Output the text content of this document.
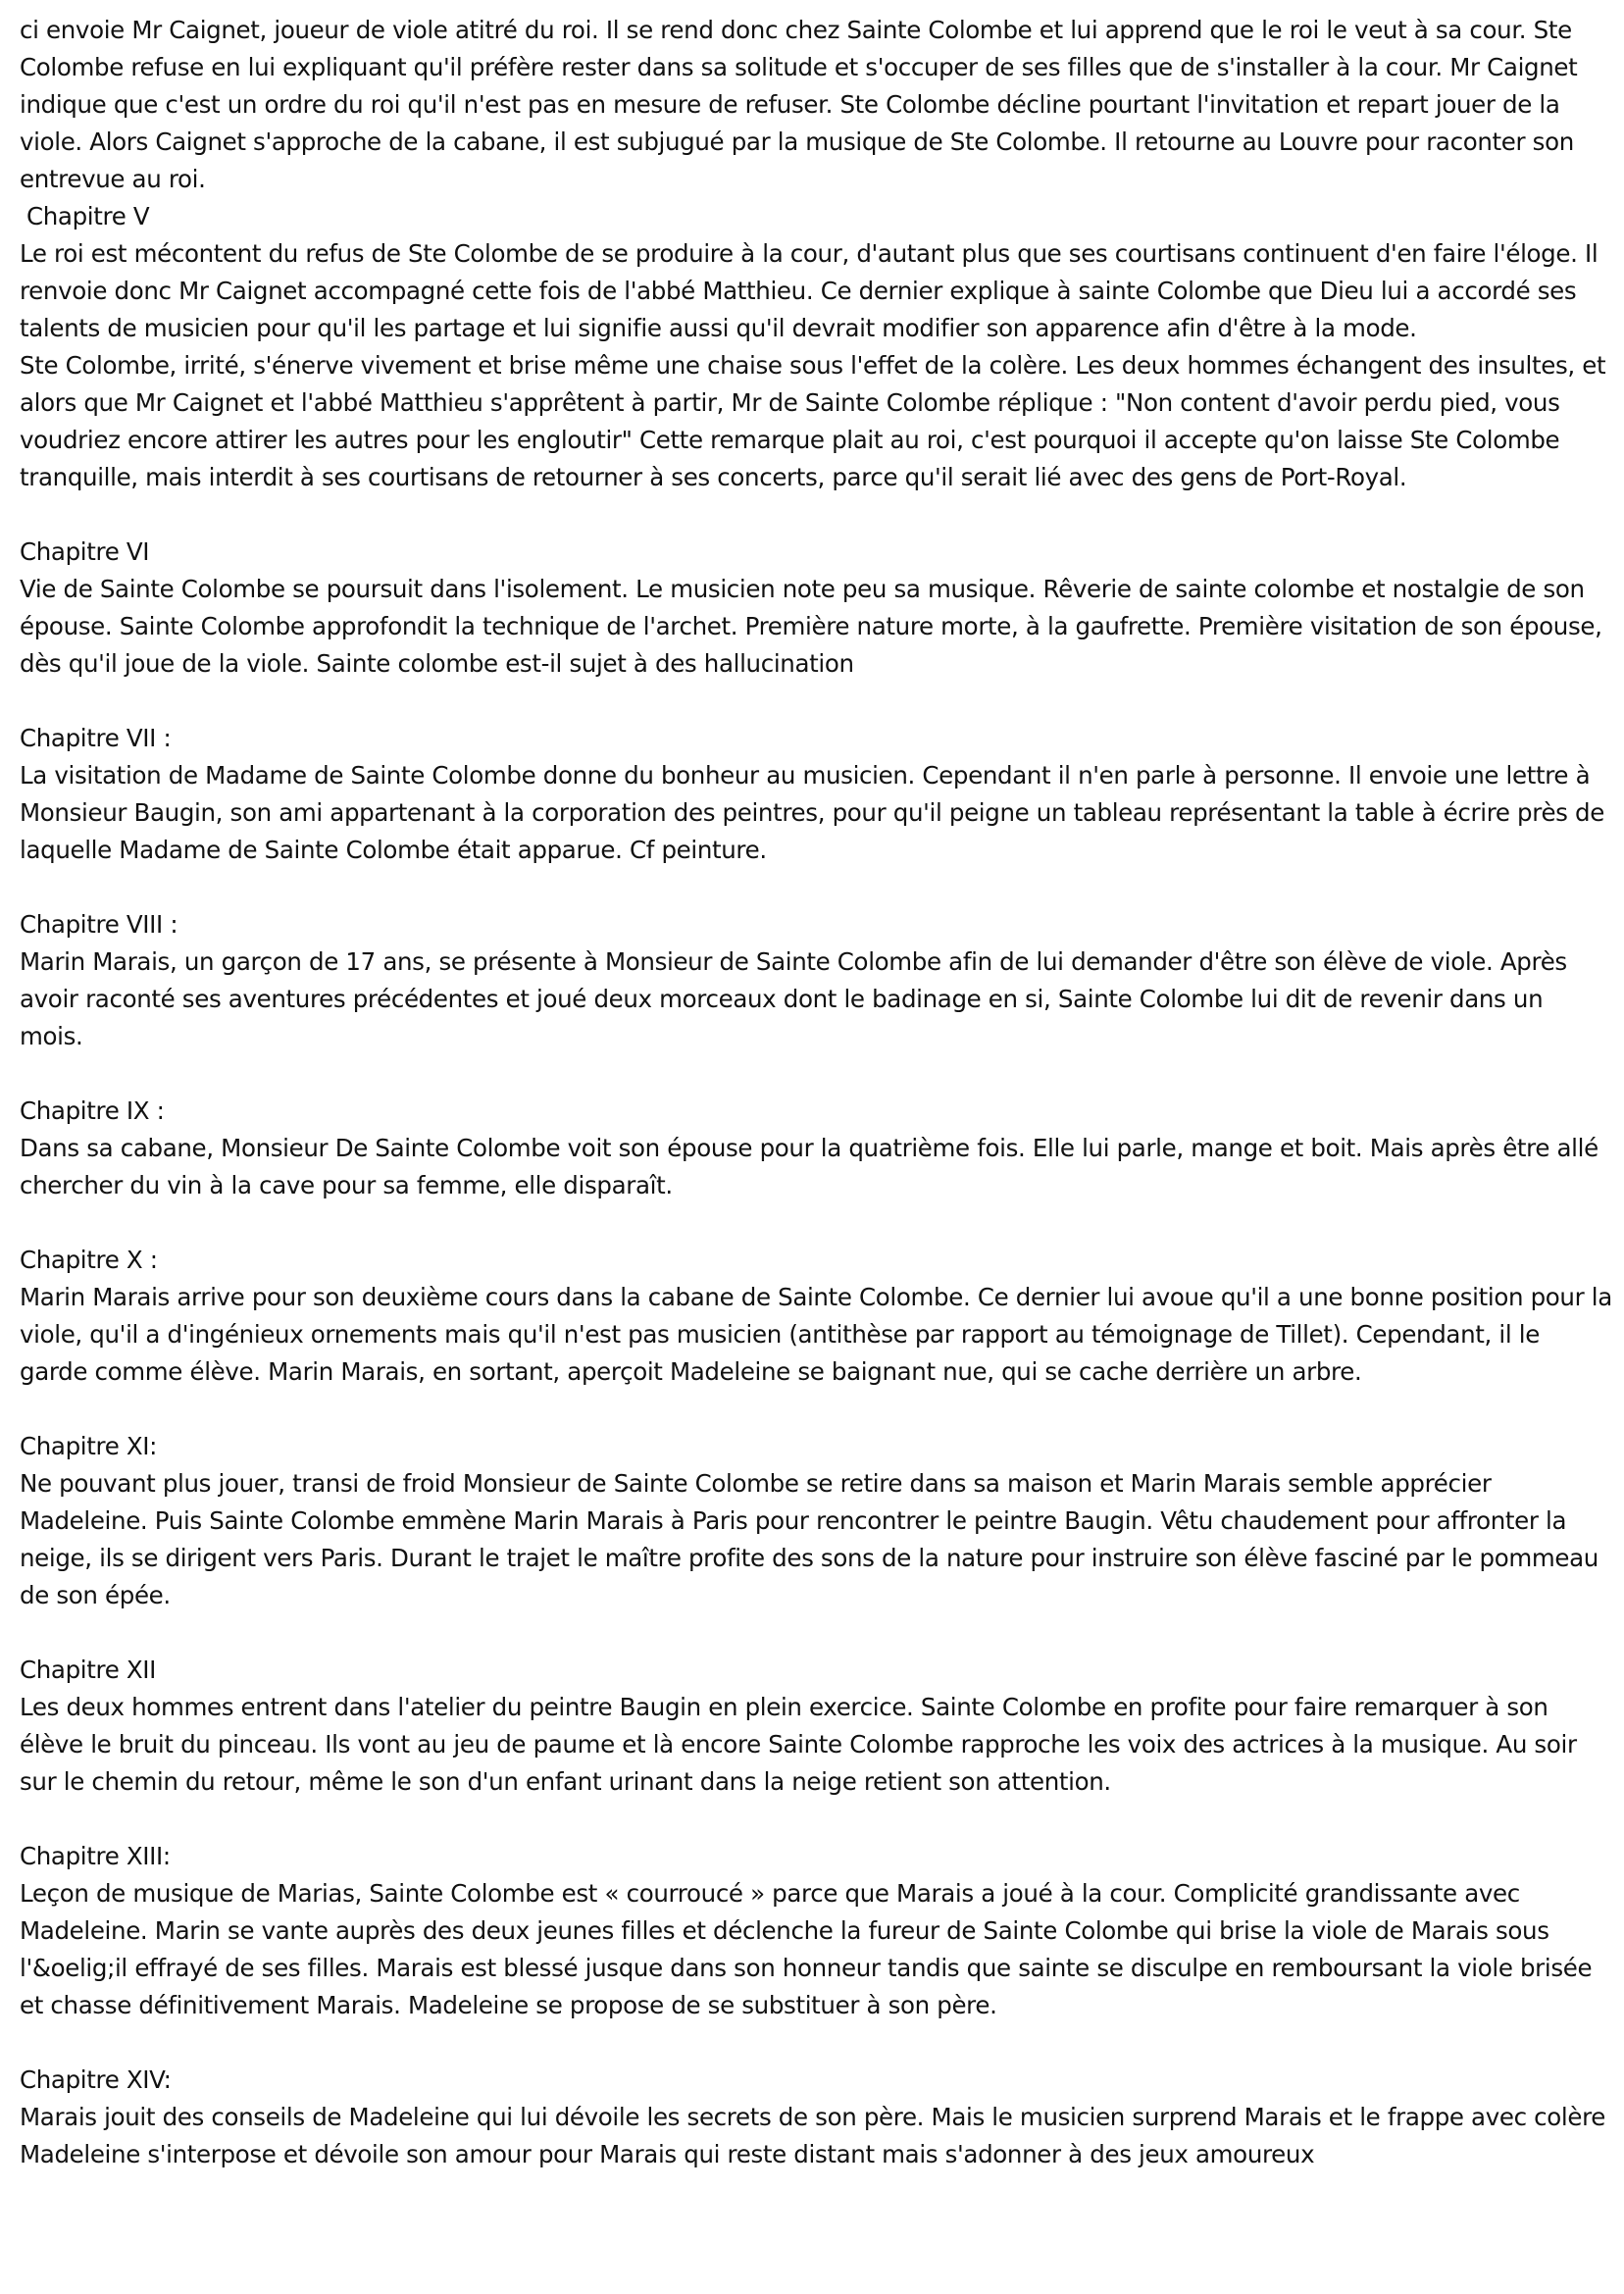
ci envoie Mr Caignet, joueur de viole atitré du roi. Il se rend donc chez Sainte Colombe et lui apprend que le roi le veut à sa cour. Ste Colombe refuse en lui expliquant qu'il préfère rester dans sa solitude et s'occuper de ses filles que de s'installer à la cour. Mr Caignet indique que c'est un ordre du roi qu'il n'est pas en mesure de refuser. Ste Colombe décline pourtant l'invitation et repart jouer de la viole. Alors Caignet s'approche de la cabane, il est subjugué par la musique de Ste Colombe. Il retourne au Louvre pour raconter son entrevue au roi.

Chapitre V

Le roi est mécontent du refus de Ste Colombe de se produire à la cour, d'autant plus que ses courtisans continuent d'en faire l'éloge. Il renvoie donc Mr Caignet accompagné cette fois de l'abbé Matthieu. Ce dernier explique à sainte Colombe que Dieu lui a accordé ses talents de musicien pour qu'il les partage et lui signifie aussi qu'il devrait modifier son apparence afin d'être à la mode.

Ste Colombe, irrité, s'énerve vivement et brise même une chaise sous l'effet de la colère. Les deux hommes échangent des insultes, et alors que Mr Caignet et l'abbé Matthieu s'apprêtent à partir, Mr de Sainte Colombe réplique : "Non content d'avoir perdu pied, vous voudriez encore attirer les autres pour les engloutir" Cette remarque plait au roi, c'est pourquoi il accepte qu'on laisse Ste Colombe tranquille, mais interdit à ses courtisans de retourner à ses concerts, parce qu'il serait lié avec des gens de Port-Royal.

Chapitre VI

Vie de Sainte Colombe se poursuit dans l'isolement. Le musicien note peu sa musique. Rêverie de sainte colombe et nostalgie de son épouse. Sainte Colombe approfondit la technique de l'archet. Première nature morte, à la gaufrette. Première visitation de son épouse, dès qu'il joue de la viole. Sainte colombe est-il sujet à des hallucination

Chapitre VII :

La visitation de Madame de Sainte Colombe donne du bonheur au musicien. Cependant il n'en parle à personne. Il envoie une lettre à Monsieur Baugin, son ami appartenant à la corporation des peintres, pour qu'il peigne un tableau représentant la table à écrire près de laquelle Madame de Sainte Colombe était apparue. Cf peinture.

Chapitre VIII :

Marin Marais, un garçon de 17 ans, se présente à Monsieur de Sainte Colombe afin de lui demander d'être son élève de viole. Après avoir raconté ses aventures précédentes et joué deux morceaux dont le badinage en si, Sainte Colombe lui dit de revenir dans un mois.

Chapitre IX :

Dans sa cabane, Monsieur De Sainte Colombe voit son épouse pour la quatrième fois. Elle lui parle, mange et boit. Mais après être allé chercher du vin à la cave pour sa femme, elle disparaît.

Chapitre X :

Marin Marais arrive pour son deuxième cours dans la cabane de Sainte Colombe. Ce dernier lui avoue qu'il a une bonne position pour la viole, qu'il a d'ingénieux ornements mais qu'il n'est pas musicien (antithèse par rapport au témoignage de Tillet). Cependant, il le garde comme élève. Marin Marais, en sortant, aperçoit Madeleine se baignant nue, qui se cache derrière un arbre.

Chapitre XI:

Ne pouvant plus jouer, transi de froid Monsieur de Sainte Colombe se retire dans sa maison et Marin Marais semble apprécier Madeleine. Puis Sainte Colombe emmène Marin Marais à Paris pour rencontrer le peintre Baugin. Vêtu chaudement pour affronter la neige, ils se dirigent vers Paris. Durant le trajet le maître profite des sons de la nature pour instruire son élève fasciné par le pommeau de son épée.

Chapitre XII

Les deux hommes entrent dans l'atelier du peintre Baugin en plein exercice. Sainte Colombe en profite pour faire remarquer à son élève le bruit du pinceau. Ils vont au jeu de paume et là encore Sainte Colombe rapproche les voix des actrices à la musique. Au soir sur le chemin du retour, même le son d'un enfant urinant dans la neige retient son attention.

Chapitre XIII:

Leçon de musique de Marias, Sainte Colombe est « courroucé » parce que Marais a joué à la cour. Complicité grandissante avec Madeleine. Marin se vante auprès des deux jeunes filles et déclenche la fureur de Sainte Colombe qui brise la viole de Marais sous l'&oelig;il effrayé de ses filles. Marais est blessé jusque dans son honneur tandis que sainte se disculpe en remboursant la viole brisée et chasse définitivement Marais. Madeleine se propose de se substituer à son père.

Chapitre XIV:

Marais jouit des conseils de Madeleine qui lui dévoile les secrets de son père. Mais le musicien surprend Marais et le frappe avec colère Madeleine s'interpose et dévoile son amour pour Marais qui reste distant mais s'adonner à des jeux amoureux
